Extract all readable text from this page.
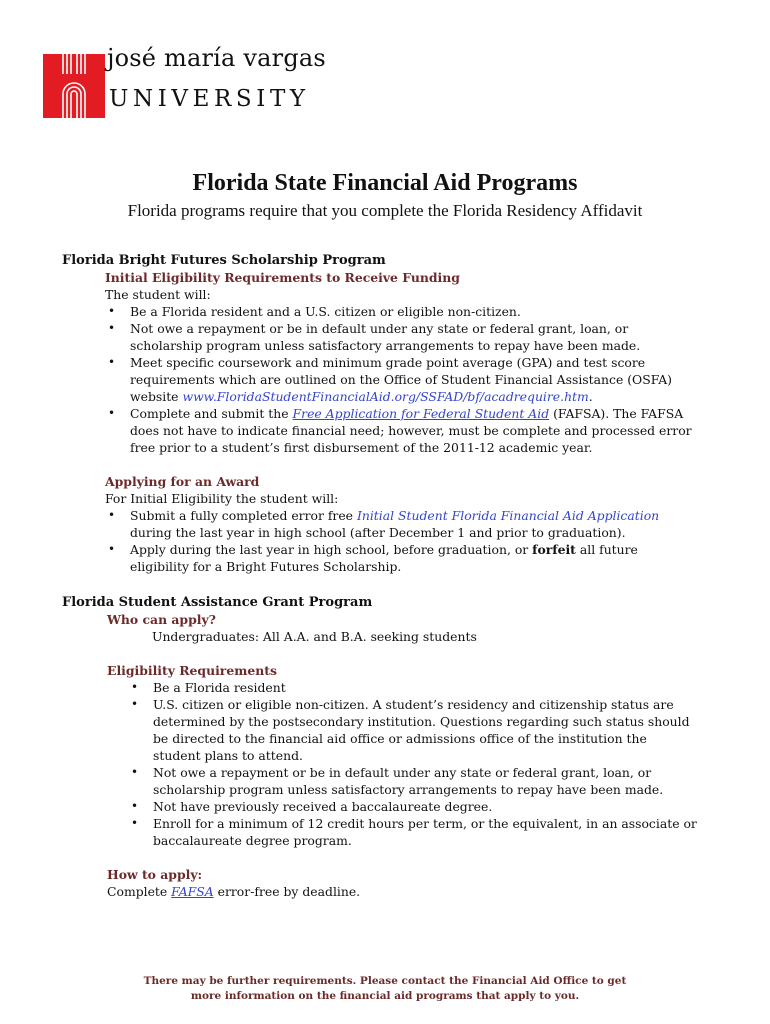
josé maría vargas
UNIVERSITY
Florida State Financial Aid Programs
Florida programs require that you complete the Florida Residency Affidavit
Florida Bright Futures Scholarship Program
Initial Eligibility Requirements to Receive Funding
The student will:
• Be a Florida resident and a U.S. citizen or eligible non-citizen.
• Not owe a repayment or be in default under any state or federal grant, loan, or scholarship program unless satisfactory arrangements to repay have been made.
• Meet specific coursework and minimum grade point average (GPA) and test score requirements which are outlined on the Office of Student Financial Assistance (OSFA) website www.FloridaStudentFinancialAid.org/SSFAD/bf/acadrequire.htm.
• Complete and submit the Free Application for Federal Student Aid (FAFSA). The FAFSA does not have to indicate financial need; however, must be complete and processed error free prior to a student’s first disbursement of the 2011-12 academic year.
Applying for an Award
For Initial Eligibility the student will:
• Submit a fully completed error free Initial Student Florida Financial Aid Application during the last year in high school (after December 1 and prior to graduation).
• Apply during the last year in high school, before graduation, or forfeit all future eligibility for a Bright Futures Scholarship.
Florida Student Assistance Grant Program
Who can apply?
Undergraduates: All A.A. and B.A. seeking students
Eligibility Requirements
• Be a Florida resident
• U.S. citizen or eligible non-citizen. A student’s residency and citizenship status are determined by the postsecondary institution. Questions regarding such status should be directed to the financial aid office or admissions office of the institution the student plans to attend.
• Not owe a repayment or be in default under any state or federal grant, loan, or scholarship program unless satisfactory arrangements to repay have been made.
• Not have previously received a baccalaureate degree.
• Enroll for a minimum of 12 credit hours per term, or the equivalent, in an associate or baccalaureate degree program.
How to apply:
Complete FAFSA error-free by deadline.
There may be further requirements. Please contact the Financial Aid Office to get
more information on the financial aid programs that apply to you.
